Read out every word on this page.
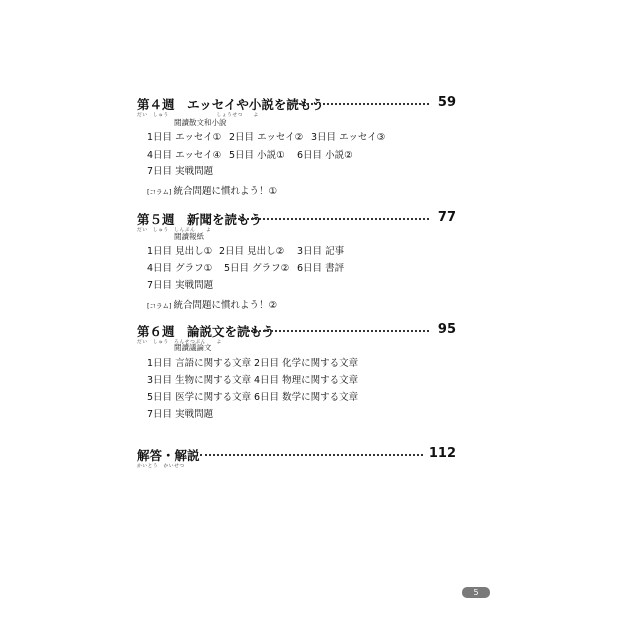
第４週　エッセイや小説を読もう
だい　しゅう　　　　　　　　　しょうせつ　　よ
59
閲讀散文和小說
1日目 エッセイ① 2日目 エッセイ② 3日目 エッセイ③
4日目 エッセイ④ 5日目 小説① 6日目 小説②
7日目 実戦問題
[コラム] 統合問題に慣れよう！①
第５週　新聞を読もう
だい　しゅう　しんぶん　　よ
77
閲讀報紙
1日目 見出し① 2日目 見出し② 3日目 記事
4日目 グラフ① 5日目 グラフ② 6日目 書評
7日目 実戦問題
[コラム] 統合問題に慣れよう！②
第６週　論説文を読もう
だい　しゅう　ろんせつぶん　　よ
95
閲讀議論文
1日目 言語に関する文章 2日目 化学に関する文章
3日目 生物に関する文章 4日目 物理に関する文章
5日目 医学に関する文章 6日目 数学に関する文章
7日目 実戦問題
解答・解説
かいとう　かいせつ
112
5
